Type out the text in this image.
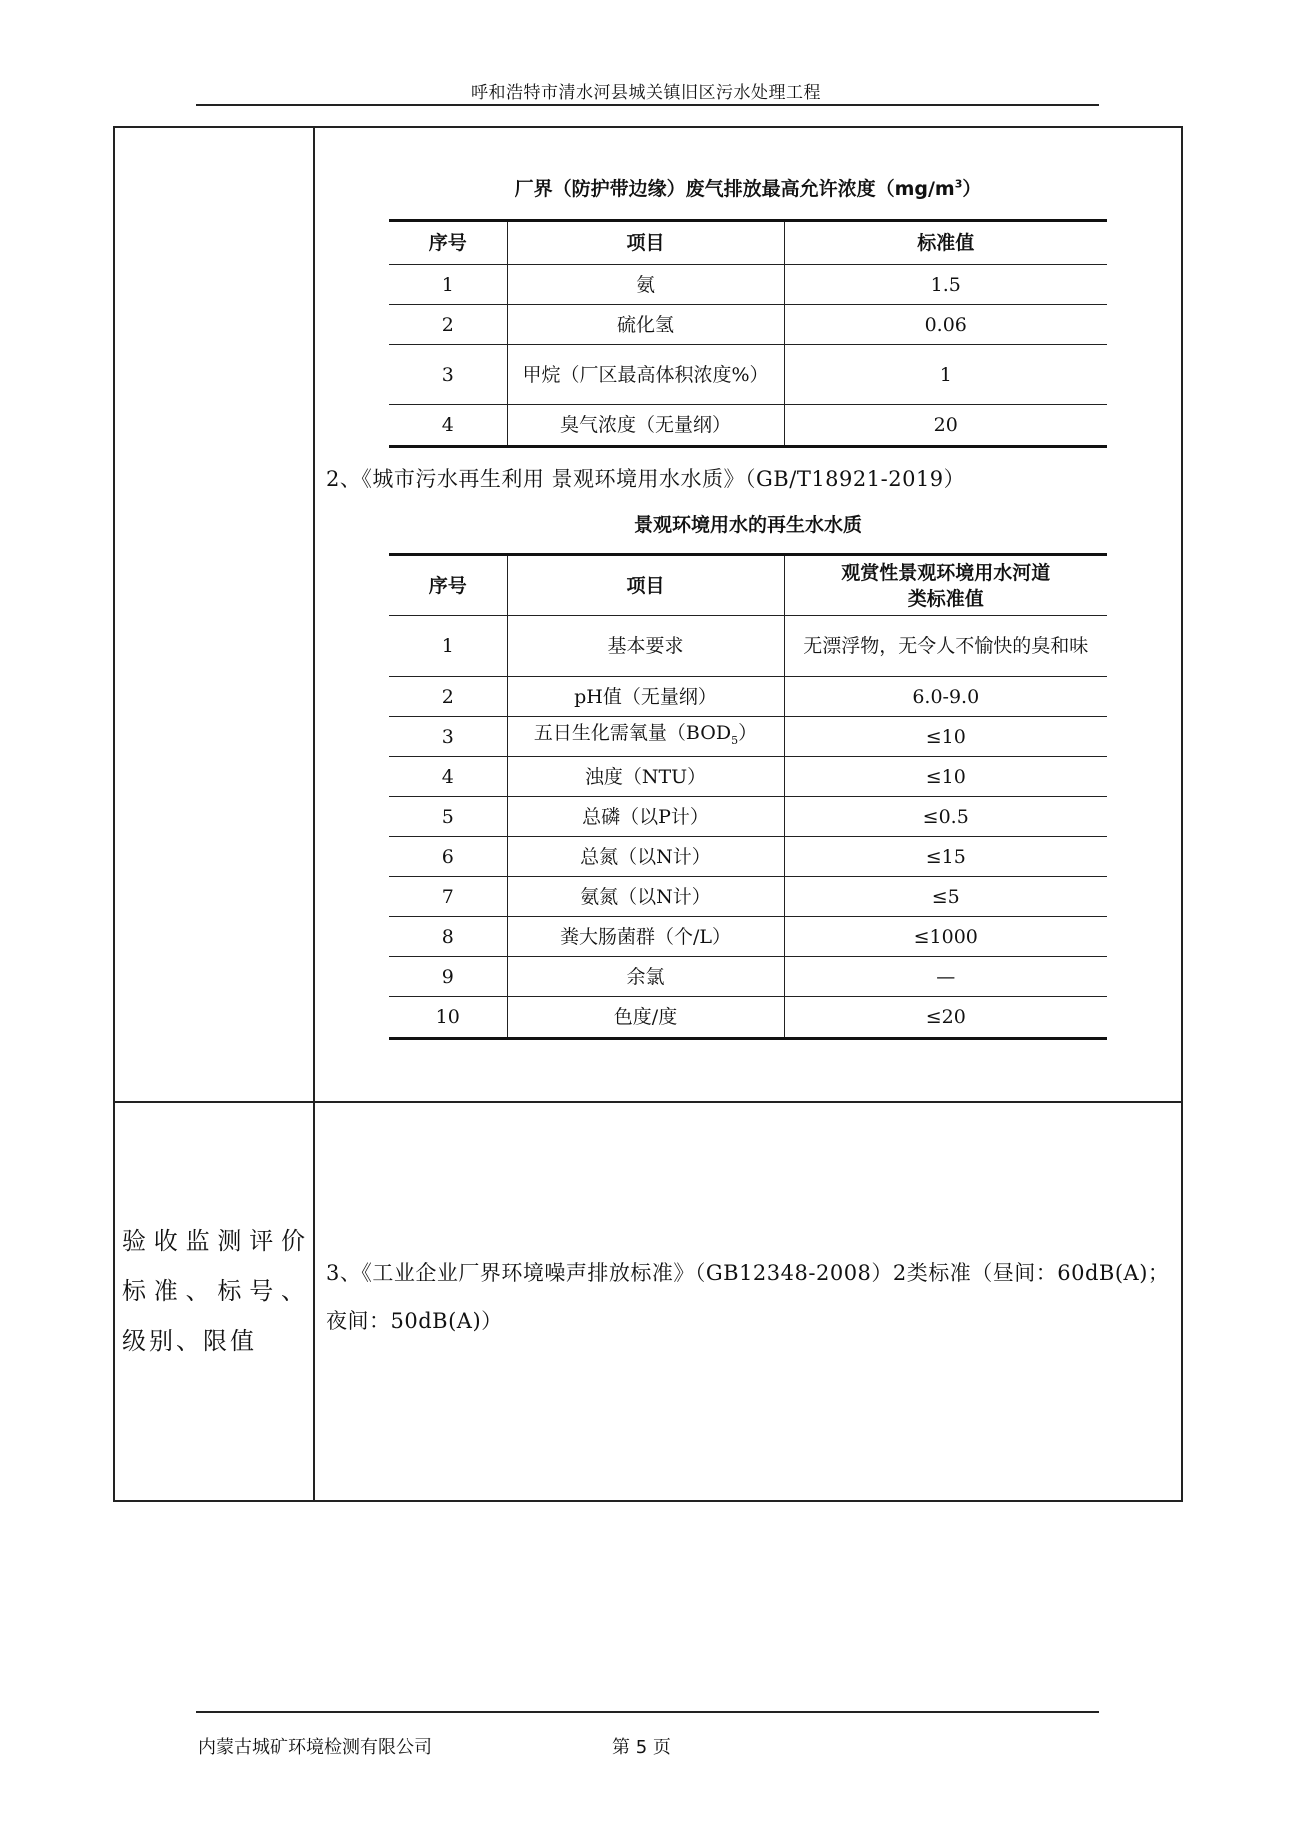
呼和浩特市清水河县城关镇旧区污水处理工程
厂界（防护带边缘）废气排放最高允许浓度$(mg/m^3)$
序号	项目	标准值
1	氨	1.5
2	硫化氢	0.06
3	甲烷（厂区最高体积浓度%）	1
4	臭气浓度（无量纲）	20
2、《城市污水再生利用 景观环境用水水质》（GB/T18921-2019）
景观环境用水的再生水水质
序号	项目	观赏性景观环境用水河道类标准值
1	基本要求	无漂浮物，无令人不愉快的臭和味
2	pH值（无量纲）	6.0-9.0
3	五日生化需氧量$(BOD_5)$	≤10
4	浊度（NTU）	≤10
5	总磷（以P计）	≤0.5
6	总氮（以N计）	≤15
7	氨氮（以N计）	≤5
8	粪大肠菌群（个/L）	≤1000
9	余氯	—
10	色度/度	≤20
验收监测评价标准、标号、级别、限值
3、《工业企业厂界环境噪声排放标准》（GB12348-2008）2类标准（昼间：60dB(A)；夜间：50dB(A)）
内蒙古城矿环境检测有限公司	第 5 页
